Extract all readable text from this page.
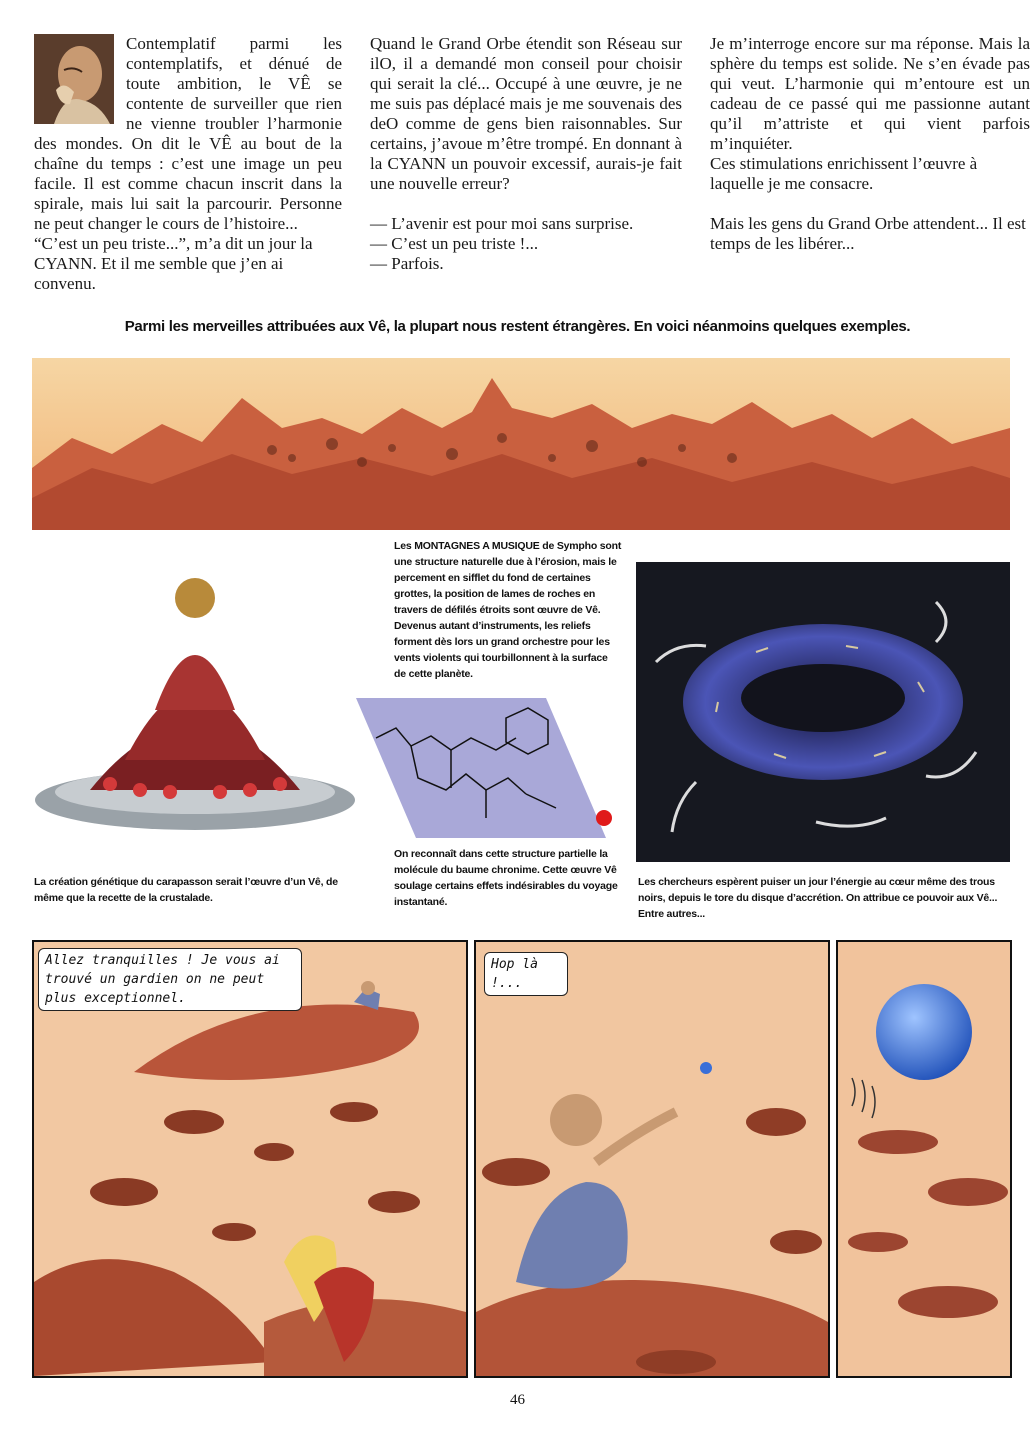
Contemplatif parmi les contemplatifs, et dénué de toute ambition, le VÊ se contente de surveiller que rien ne vienne troubler l’harmonie des mondes. On dit le VÊ au bout de la chaîne du temps : c’est une image un peu facile. Il est comme chacun inscrit dans la spirale, mais lui sait la parcourir. Personne ne peut changer le cours de l’histoire...

“C’est un peu triste...”, m’a dit un jour la CYANN. Et il me semble que j’en ai convenu.

Quand le Grand Orbe étendit son Réseau sur ilO, il a demandé mon conseil pour choisir qui serait la clé... Occupé à une œuvre, je ne me suis pas déplacé mais je me souvenais des deO comme de gens bien raisonnables. Sur certains, j’avoue m’être trompé. En donnant à la CYANN un pouvoir excessif, aurais-je fait une nouvelle erreur?

— L’avenir est pour moi sans surprise.

— C’est un peu triste !...

— Parfois.

Je m’interroge encore sur ma réponse. Mais la sphère du temps est solide. Ne s’en évade pas qui veut. L’harmonie qui m’entoure est un cadeau de ce passé qui me passionne autant qu’il m’attriste et qui vient parfois m’inquiéter.

Ces stimulations enrichissent l’œuvre à laquelle je me consacre.

Mais les gens du Grand Orbe attendent... Il est temps de les libérer...

Parmi les merveilles attribuées aux Vê, la plupart nous restent étrangères. En voici néanmoins quelques exemples.
Les MONTAGNES A MUSIQUE de Sympho sont une structure naturelle due à l’érosion, mais le percement en sifflet du fond de certaines grottes, la position de lames de roches en travers de défilés étroits sont œuvre de Vê. Devenus autant d’instruments, les reliefs forment dès lors un grand orchestre pour les vents violents qui tourbillonnent à la surface de cette planète.
La création génétique du carapasson serait l’œuvre d’un Vê, de même que la recette de la crustalade.
On reconnaît dans cette structure partielle la molécule du baume chronime. Cette œuvre Vê soulage certains effets indésirables du voyage instantané.
Les chercheurs espèrent puiser un jour l’énergie au cœur même des trous noirs, depuis le tore du disque d’accrétion. On attribue ce pouvoir aux Vê... Entre autres...
Allez tranquilles ! Je vous ai trouvé un gardien on ne peut plus exceptionnel.
Hop là !...
46
